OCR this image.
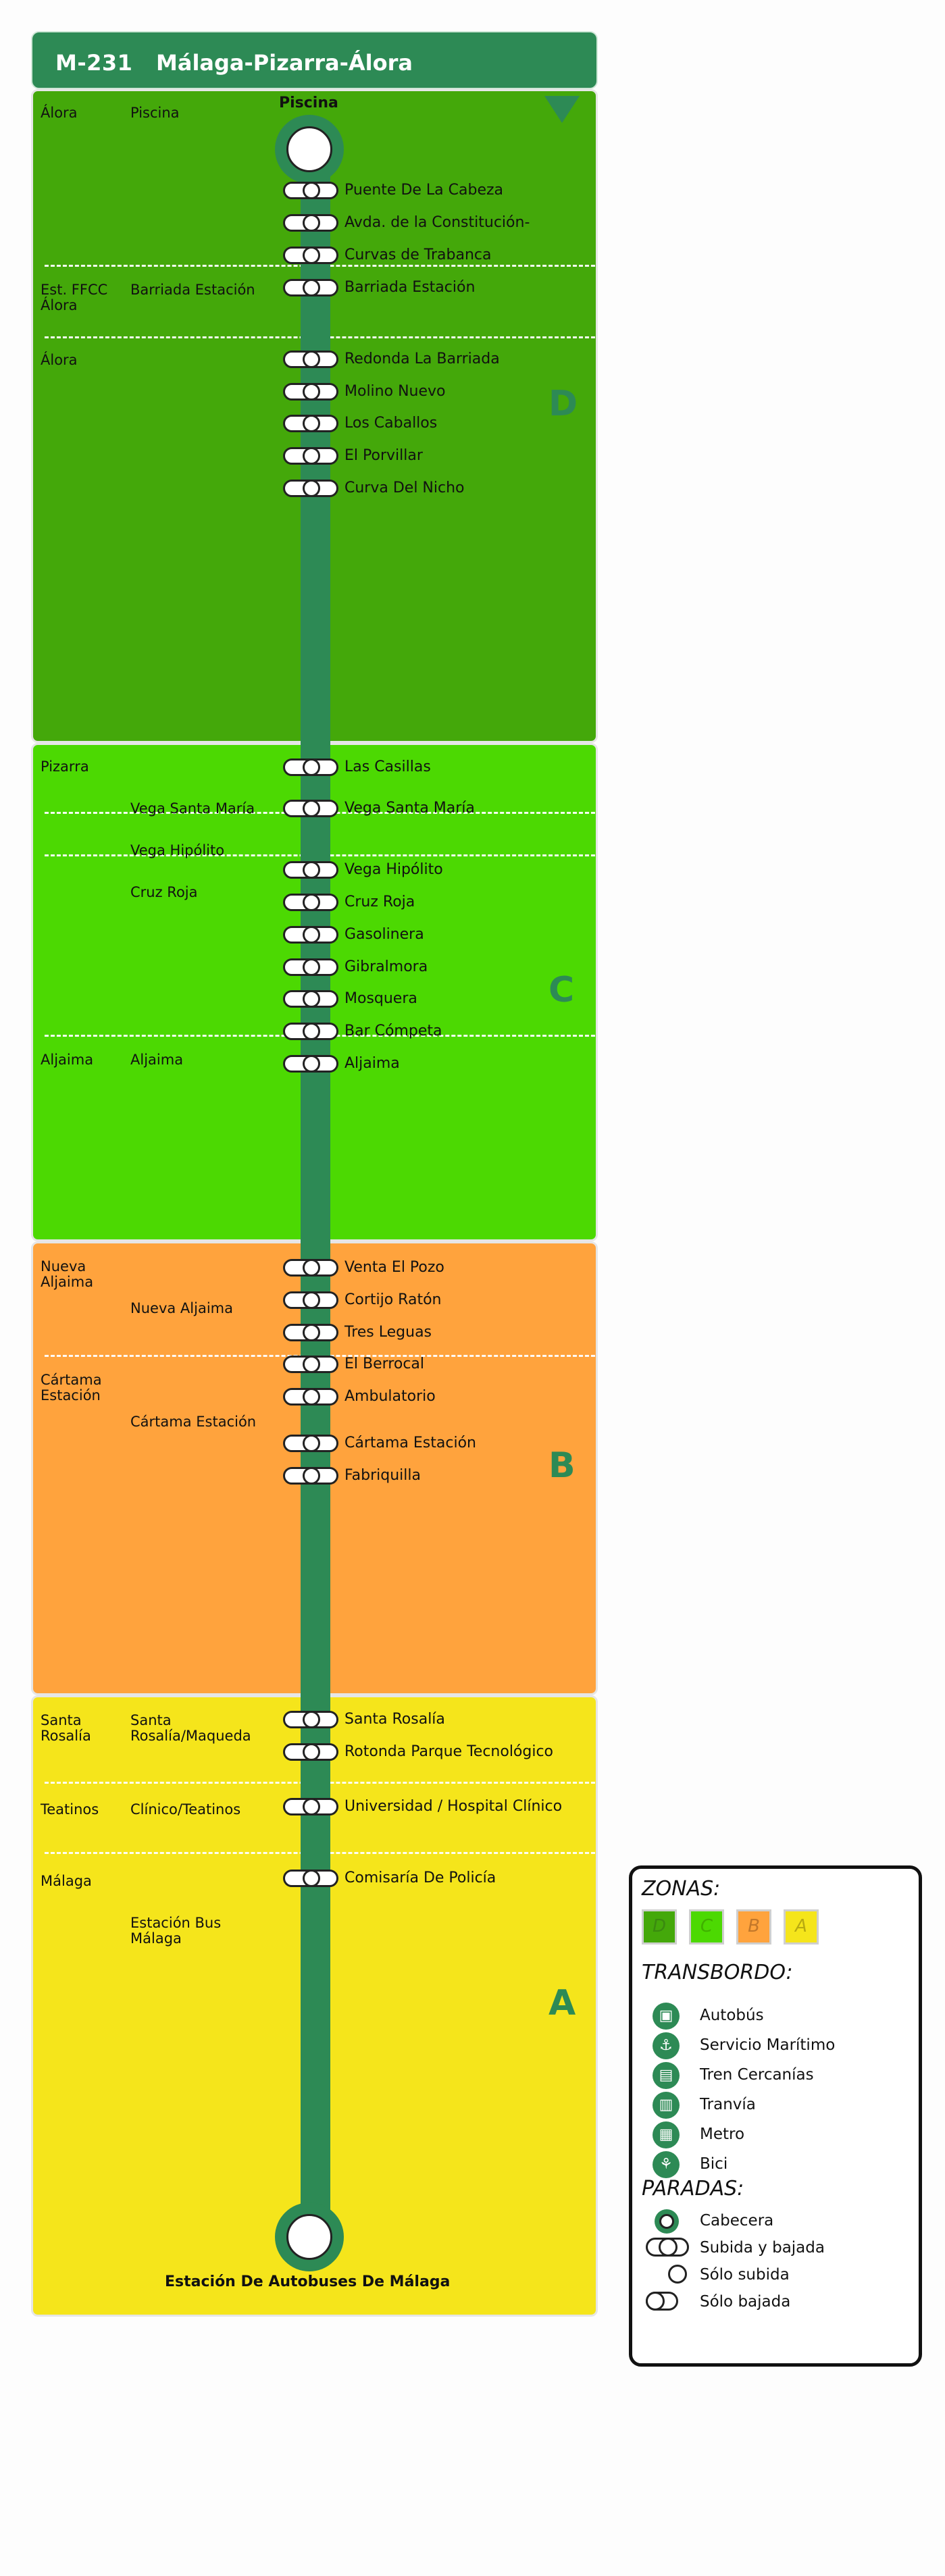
M-231 Málaga-Pizarra-Álora
D
C
B
A
Piscina
Estación De Autobuses De Málaga
Álora
Est. FFCC Álora
Álora
Pizarra
Aljaima
Nueva Aljaima
Cártama Estación
Santa Rosalía
Teatinos
Málaga
Piscina
Barriada Estación
Vega Santa María
Vega Hipólito
Cruz Roja
Aljaima
Nueva Aljaima
Cártama Estación
Santa Rosalía/Maqueda
Clínico/Teatinos
Estación Bus Málaga
Puente De La Cabeza
Avda. de la Constitución-
Curvas de Trabanca
Barriada Estación
Redonda La Barriada
Molino Nuevo
Los Caballos
El Porvillar
Curva Del Nicho
Las Casillas
Vega Santa María
Vega Hipólito
Cruz Roja
Gasolinera
Gibralmora
Mosquera
Bar Cómpeta
Aljaima
Venta El Pozo
Cortijo Ratón
Tres Leguas
El Berrocal
Ambulatorio
Cártama Estación
Fabriquilla
Santa Rosalía
Rotonda Parque Tecnológico
Universidad / Hospital Clínico
Comisaría De Policía	ZONAS:
D	C	B	A
TRANSBORDO:
▣	Autobús
⚓	Servicio Marítimo
▤	Tren Cercanías
▥	Tranvía
▦	Metro
⚘	Bici
PARADAS:
Cabecera
Subida y bajada
Sólo subida
Sólo bajada
